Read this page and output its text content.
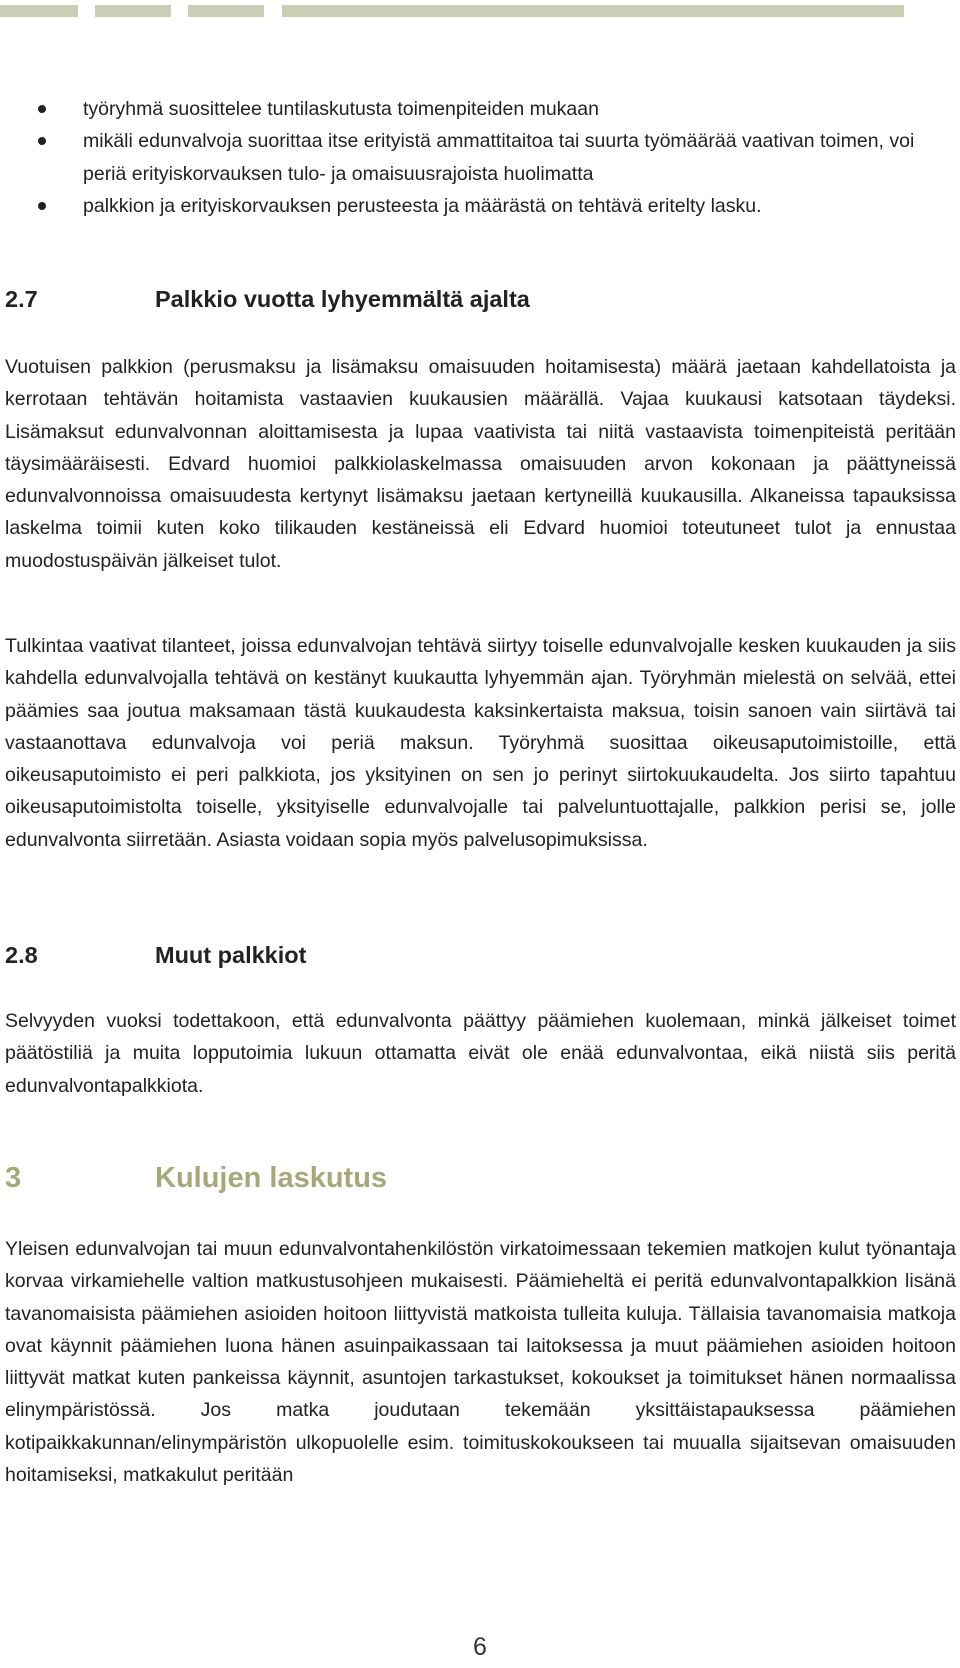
työryhmä suosittelee tuntilaskutusta toimenpiteiden mukaan
mikäli edunvalvoja suorittaa itse erityistä ammattitaitoa tai suurta työmäärää vaativan toimen, voi periä erityiskorvauksen tulo- ja omaisuusrajoista huolimatta
palkkion ja erityiskorvauksen perusteesta ja määrästä on tehtävä eritelty lasku.
2.7	Palkkio vuotta lyhyemmältä ajalta

Vuotuisen palkkion (perusmaksu ja lisämaksu omaisuuden hoitamisesta) määrä jaetaan kahdellatoista ja kerrotaan tehtävän hoitamista vastaavien kuukausien määrällä. Vajaa kuukausi katsotaan täydeksi. Lisämaksut edunvalvonnan aloittamisesta ja lupaa vaativista tai niitä vastaavista toimenpiteistä peritään täysimääräisesti. Edvard huomioi palkkiolaskelmassa omaisuuden arvon kokonaan ja päättyneissä edunvalvonnoissa omaisuudesta kertynyt lisämaksu jaetaan kertyneillä kuukausilla. Alkaneissa tapauksissa laskelma toimii kuten koko tilikauden kestäneissä eli Edvard huomioi toteutuneet tulot ja ennustaa muodostuspäivän jälkeiset tulot.

Tulkintaa vaativat tilanteet, joissa edunvalvojan tehtävä siirtyy toiselle edunvalvojalle kesken kuukauden ja siis kahdella edunvalvojalla tehtävä on kestänyt kuukautta lyhyemmän ajan. Työryhmän mielestä on selvää, ettei päämies saa joutua maksamaan tästä kuukaudesta kaksinkertaista maksua, toisin sanoen vain siirtävä tai vastaanottava edunvalvoja voi periä maksun. Työryhmä suosittaa oikeusaputoimistoille, että oikeusaputoimisto ei peri palkkiota, jos yksityinen on sen jo perinyt siirtokuukaudelta. Jos siirto tapahtuu oikeusaputoimistolta toiselle, yksityiselle edunvalvojalle tai palveluntuottajalle, palkkion perisi se, jolle edunvalvonta siirretään. Asiasta voidaan sopia myös palvelusopimuksissa.

2.8	Muut palkkiot

Selvyyden vuoksi todettakoon, että edunvalvonta päättyy päämiehen kuolemaan, minkä jälkeiset toimet päätöstiliä ja muita lopputoimia lukuun ottamatta eivät ole enää edunvalvontaa, eikä niistä siis peritä edunvalvontapalkkiota.

3	Kulujen laskutus

Yleisen edunvalvojan tai muun edunvalvontahenkilöstön virkatoimessaan tekemien matkojen kulut työnantaja korvaa virkamiehelle valtion matkustusohjeen mukaisesti. Päämieheltä ei peritä edunvalvontapalkkion lisänä tavanomaisista päämiehen asioiden hoitoon liittyvistä matkoista tulleita kuluja. Tällaisia tavanomaisia matkoja ovat käynnit päämiehen luona hänen asuinpaikassaan tai laitoksessa ja muut päämiehen asioiden hoitoon liittyvät matkat kuten pankeissa käynnit, asuntojen tarkastukset, kokoukset ja toimitukset hänen normaalissa elinympäristössä. Jos matka joudutaan tekemään yksittäistapauksessa päämiehen kotipaikkakunnan/elinympäristön ulkopuolelle esim. toimituskokoukseen tai muualla sijaitsevan omaisuuden hoitamiseksi, matkakulut peritään

6
